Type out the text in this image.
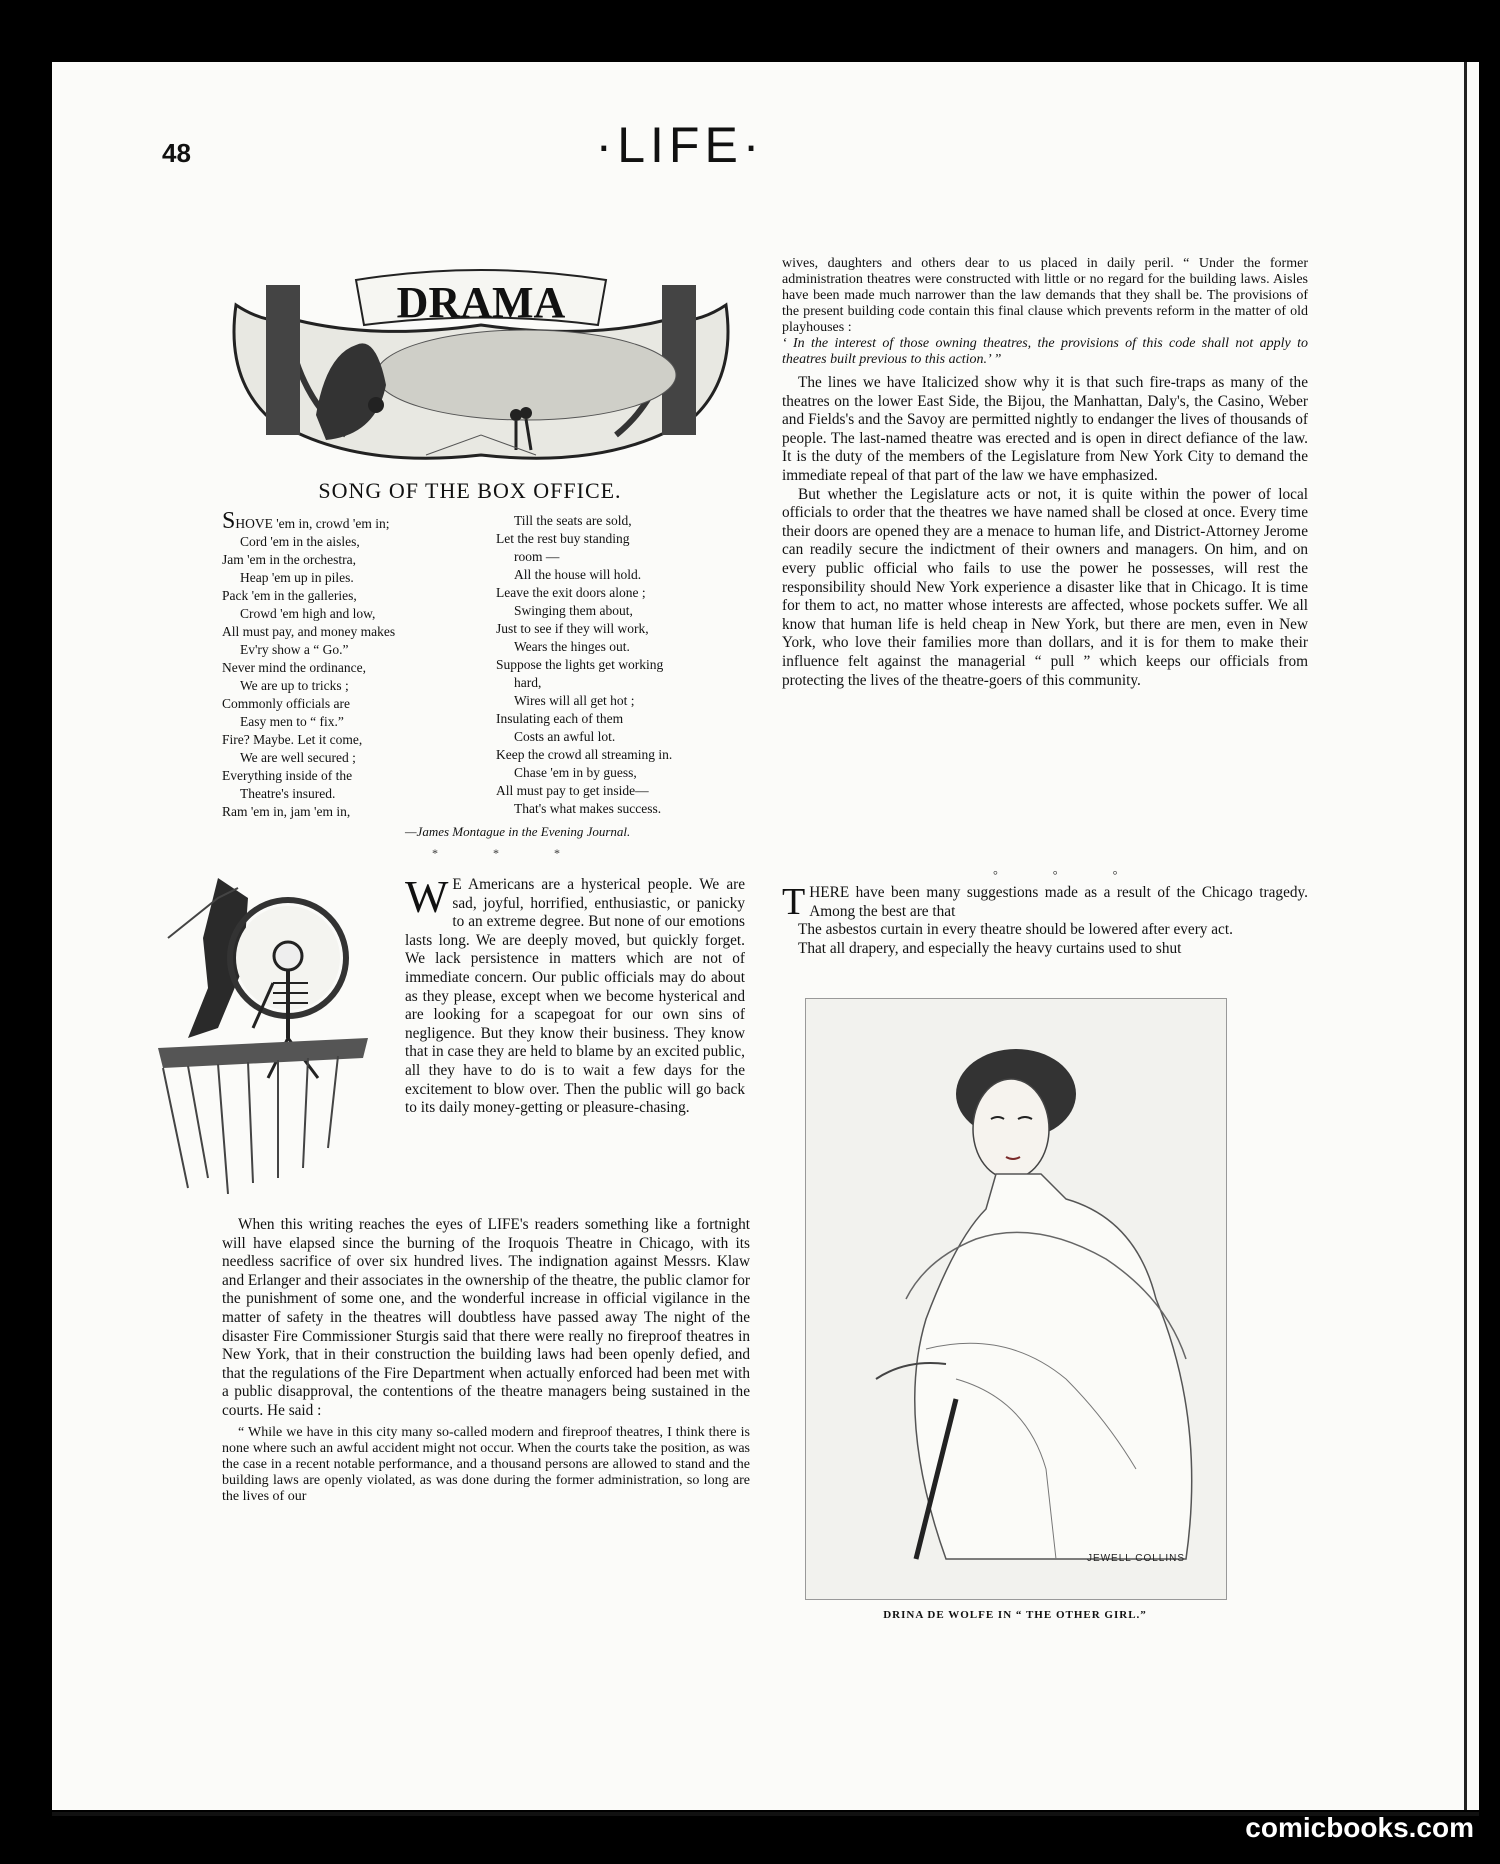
48	·LIFE·
DRAMA
SONG OF THE BOX OFFICE.
SHOVE 'em in, crowd 'em in;
Cord 'em in the aisles,
Jam 'em in the orchestra,
Heap 'em up in piles.
Pack 'em in the galleries,
Crowd 'em high and low,
All must pay, and money makes
Ev'ry show a “ Go.”
Never mind the ordinance,
We are up to tricks ;
Commonly officials are
Easy men to “ fix.”
Fire? Maybe. Let it come,
We are well secured ;
Everything inside of the
Theatre's insured.
Ram 'em in, jam 'em in,
Till the seats are sold,
Let the rest buy standing
room —
All the house will hold.
Leave the exit doors alone ;
Swinging them about,
Just to see if they will work,
Wears the hinges out.
Suppose the lights get working
hard,
Wires will all get hot ;
Insulating each of them
Costs an awful lot.
Keep the crowd all streaming in.
Chase 'em in by guess,
All must pay to get inside—
That's what makes success.
—James Montague in the Evening Journal.
* * *

W E Americans are a hysterical people. We are sad, joyful, horrified, enthusiastic, or panicky to an extreme degree. But none of our emotions lasts long. We are deeply moved, but quickly forget. We lack persistence in matters which are not of immediate concern. Our public officials may do about as they please, except when we become hysterical and are looking for a scapegoat for our own sins of negligence. But they know their business. They know that in case they are held to blame by an excited public, all they have to do is to wait a few days for the excitement to blow over. Then the public will go back to its daily money-getting or pleasure-chasing.

When this writing reaches the eyes of LIFE's readers something like a fortnight will have elapsed since the burning of the Iroquois Theatre in Chicago, with its needless sacrifice of over six hundred lives. The indignation against Messrs. Klaw and Erlanger and their associates in the ownership of the theatre, the public clamor for the punishment of some one, and the wonderful increase in official vigilance in the matter of safety in the theatres will doubtless have passed away The night of the disaster Fire Commissioner Sturgis said that there were really no fireproof theatres in New York, that in their construction the building laws had been openly defied, and that the regulations of the Fire Department when actually enforced had been met with a public disapproval, the contentions of the theatre managers being sustained in the courts. He said :

“ While we have in this city many so-called modern and fireproof theatres, I think there is none where such an awful accident might not occur. When the courts take the position, as was the case in a recent notable performance, and a thousand persons are allowed to stand and the building laws are openly violated, as was done during the former administration, so long are the lives of our

wives, daughters and others dear to us placed in daily peril. “ Under the former administration theatres were constructed with little or no regard for the building laws. Aisles have been made much narrower than the law demands that they shall be. The provisions of the present building code contain this final clause which prevents reform in the matter of old playhouses :

‘ In the interest of those owning theatres, the provisions of this code shall not apply to theatres built previous to this action.’ ”

The lines we have Italicized show why it is that such fire-traps as many of the theatres on the lower East Side, the Bijou, the Manhattan, Daly's, the Casino, Weber and Fields's and the Savoy are permitted nightly to endanger the lives of thousands of people. The last-named theatre was erected and is open in direct defiance of the law. It is the duty of the members of the Legislature from New York City to demand the immediate repeal of that part of the law we have emphasized.

But whether the Legislature acts or not, it is quite within the power of local officials to order that the theatres we have named shall be closed at once. Every time their doors are opened they are a menace to human life, and District-Attorney Jerome can readily secure the indictment of their owners and managers. On him, and on every public official who fails to use the power he possesses, will rest the responsibility should New York experience a disaster like that in Chicago. It is time for them to act, no matter whose interests are affected, whose pockets suffer. We all know that human life is held cheap in New York, but there are men, even in New York, who love their families more than dollars, and it is for them to make their influence felt against the managerial “ pull ” which keeps our officials from protecting the lives of the theatre-goers of this community.

° ° °

THERE have been many suggestions made as a result of the Chicago tragedy. Among the best are that

The asbestos curtain in every theatre should be lowered after every act.

That all drapery, and especially the heavy curtains used to shut

JEWELL COLLINS
DRINA DE WOLFE IN “ THE OTHER GIRL.”
comicbooks.com
